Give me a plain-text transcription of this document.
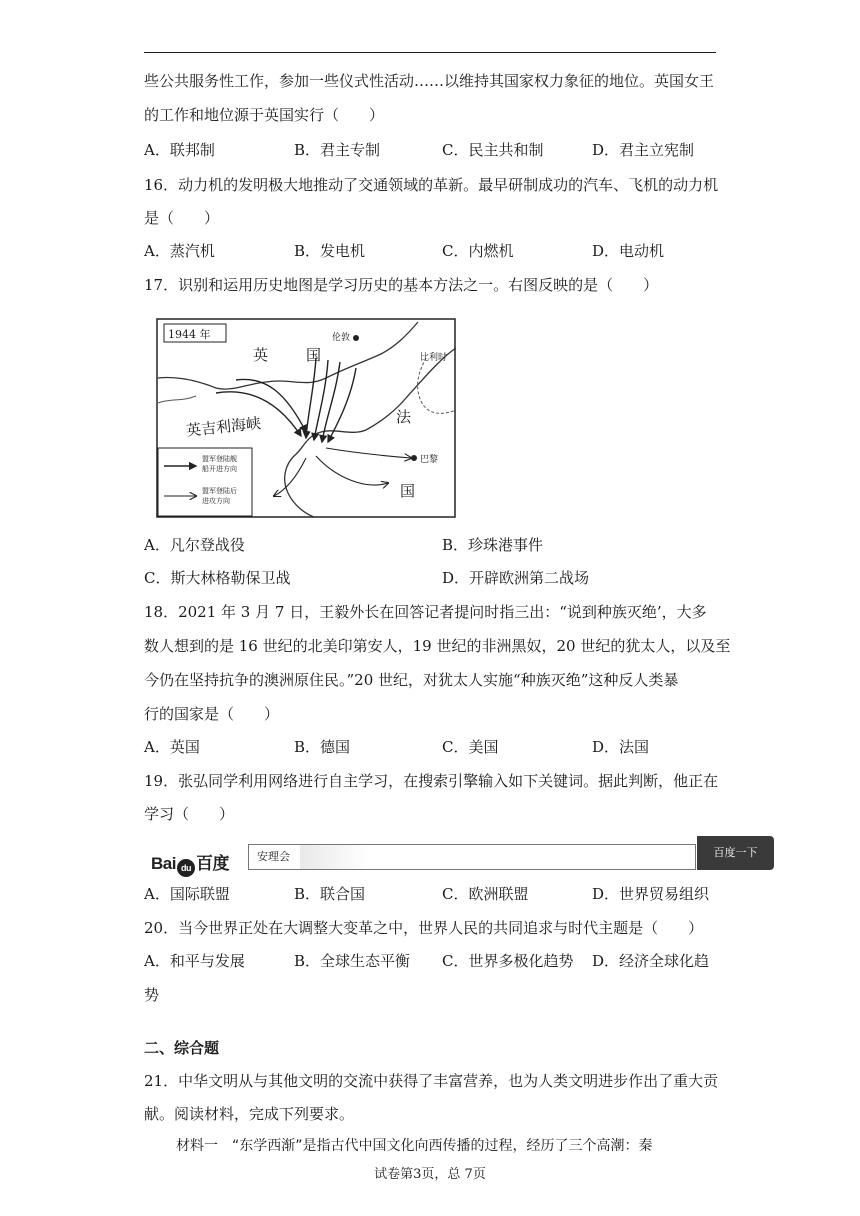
些公共服务性工作，参加一些仪式性活动……以维持其国家权力象征的地位。英国女王
的工作和地位源于英国实行（　　）
A．联邦制	B．君主专制	C．民主共和制	D．君主立宪制
16．动力机的发明极大地推动了交通领域的革新。最早研制成功的汽车、飞机的动力机
是（　　）
A．蒸汽机	B．发电机	C．内燃机	D．电动机
17．识别和运用历史地图是学习历史的基本方法之一。右图反映的是（　　）
1944 年
英	国
伦敦
比利时
法
国
英吉利海峡
巴黎
盟军登陆舰
船开进方向
盟军登陆后
进攻方向
A．凡尔登战役	B．珍珠港事件
C．斯大林格勒保卫战	D．开辟欧洲第二战场
18．2021 年 3 月 7 日，王毅外长在回答记者提问时指三出：“说到种族灭绝’，大多
数人想到的是 16 世纪的北美印第安人，19 世纪的非洲黑奴，20 世纪的犹太人，以及至
今仍在坚持抗争的澳洲原住民。”20 世纪，对犹太人实施“种族灭绝”这种反人类暴
行的国家是（　　）
A．英国	B．德国	C．美国	D．法国
19．张弘同学利用网络进行自主学习，在搜索引擎输入如下关键词。据此判断，他正在
学习（　　）
Bai du 百度	安理会	百度一下
A．国际联盟	B．联合国	C．欧洲联盟	D．世界贸易组织
20．当今世界正处在大调整大变革之中，世界人民的共同追求与时代主题是（　　）
A．和平与发展	B．全球生态平衡 C．世界多极化趋势 D．经济全球化趋
势
二、综合题
21．中华文明从与其他文明的交流中获得了丰富营养，也为人类文明进步作出了重大贡
献。阅读材料，完成下列要求。
材料一　“东学西渐”是指古代中国文化向西传播的过程，经历了三个高潮：秦
试卷第3页，总 7页
